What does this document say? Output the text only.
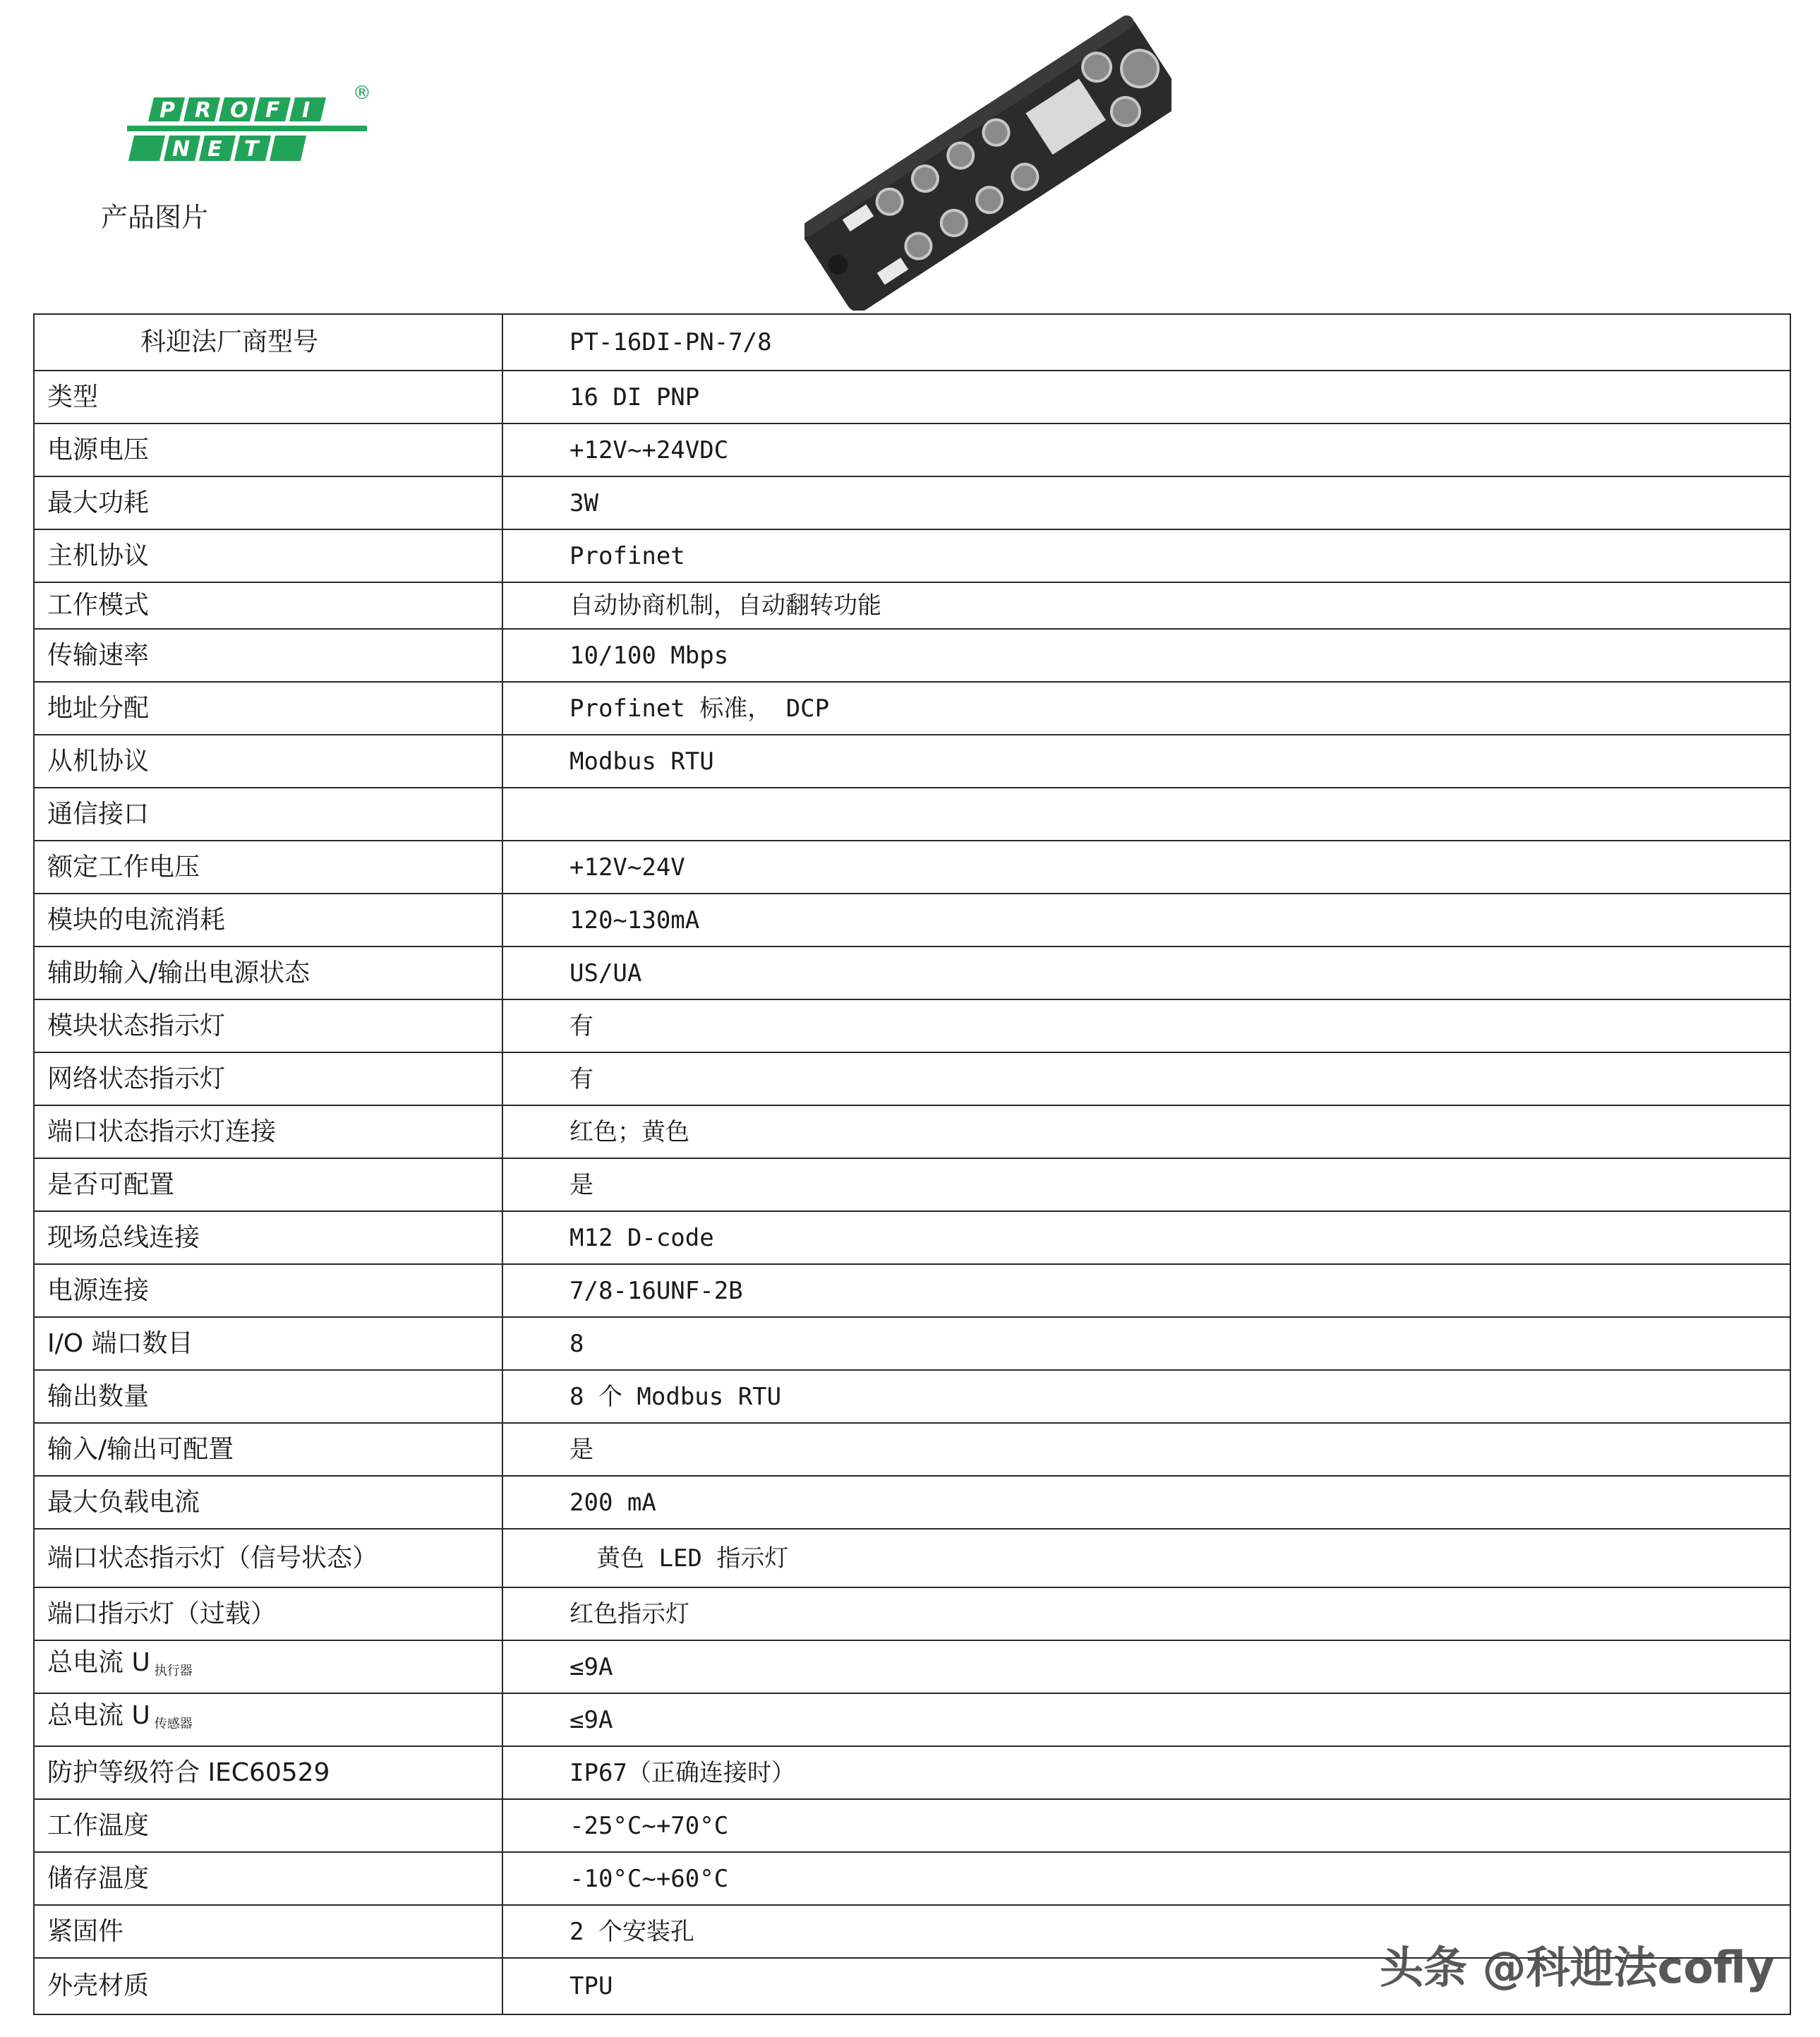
P R O F I
N E T
®
产品图片
科迎法厂商型号	PT-16DI-PN-7/8
类型	16 DI PNP
电源电压	+12V~+24VDC
最大功耗	3W
主机协议	Profinet
工作模式	自动协商机制，自动翻转功能
传输速率	10/100 Mbps
地址分配	Profinet 标准， DCP
从机协议	Modbus RTU
通信接口	
额定工作电压	+12V~24V
模块的电流消耗	120~130mA
辅助输入/输出电源状态	US/UA
模块状态指示灯	有
网络状态指示灯	有
端口状态指示灯连接	红色；黄色
是否可配置	是
现场总线连接	M12 D-code
电源连接	7/8-16UNF-2B
I/O 端口数目	8
输出数量	8 个 Modbus RTU
输入/输出可配置	是
最大负载电流	200 mA
端口状态指示灯（信号状态）	黄色 LED 指示灯
端口指示灯（过载）	红色指示灯
总电流 U $_{执行器}$	≤9A
总电流 U $_{传感器}$	≤9A
防护等级符合 IEC60529	IP67（正确连接时）
工作温度	-25°C~+70°C
储存温度	-10°C~+60°C
紧固件	2 个安装孔
外壳材质	TPU	头条 @科迎法cofly
